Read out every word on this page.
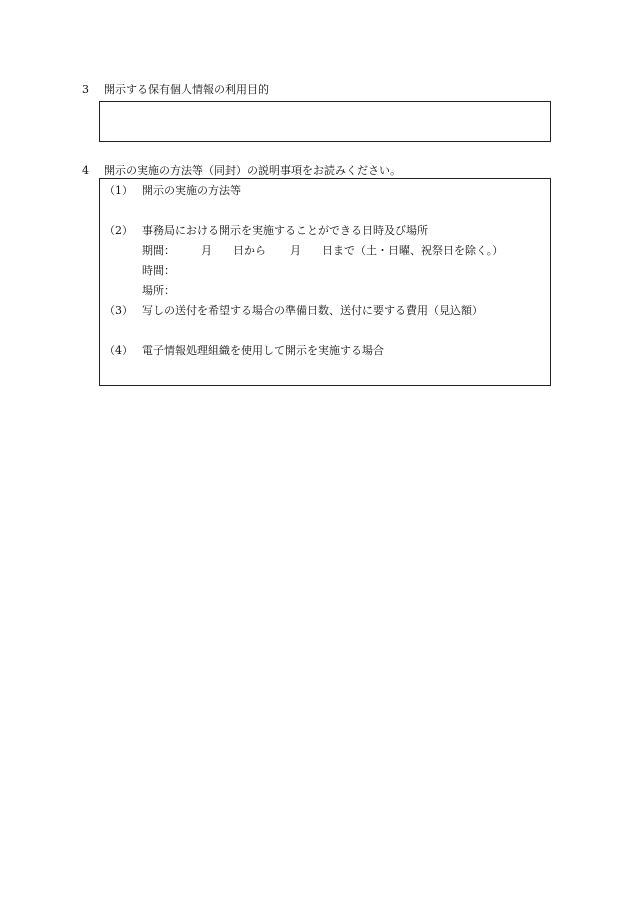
3 開示する保有個人情報の利用目的
4 開示の実施の方法等（同封）の説明事項をお読みください。
（1） 開示の実施の方法等
（2） 事務局における開示を実施することができる日時及び場所
期間： 月 日から 月 日まで（土・日曜、祝祭日を除く。）
時間：
場所：
（3） 写しの送付を希望する場合の準備日数、送付に要する費用（見込額）
（4） 電子情報処理組織を使用して開示を実施する場合
